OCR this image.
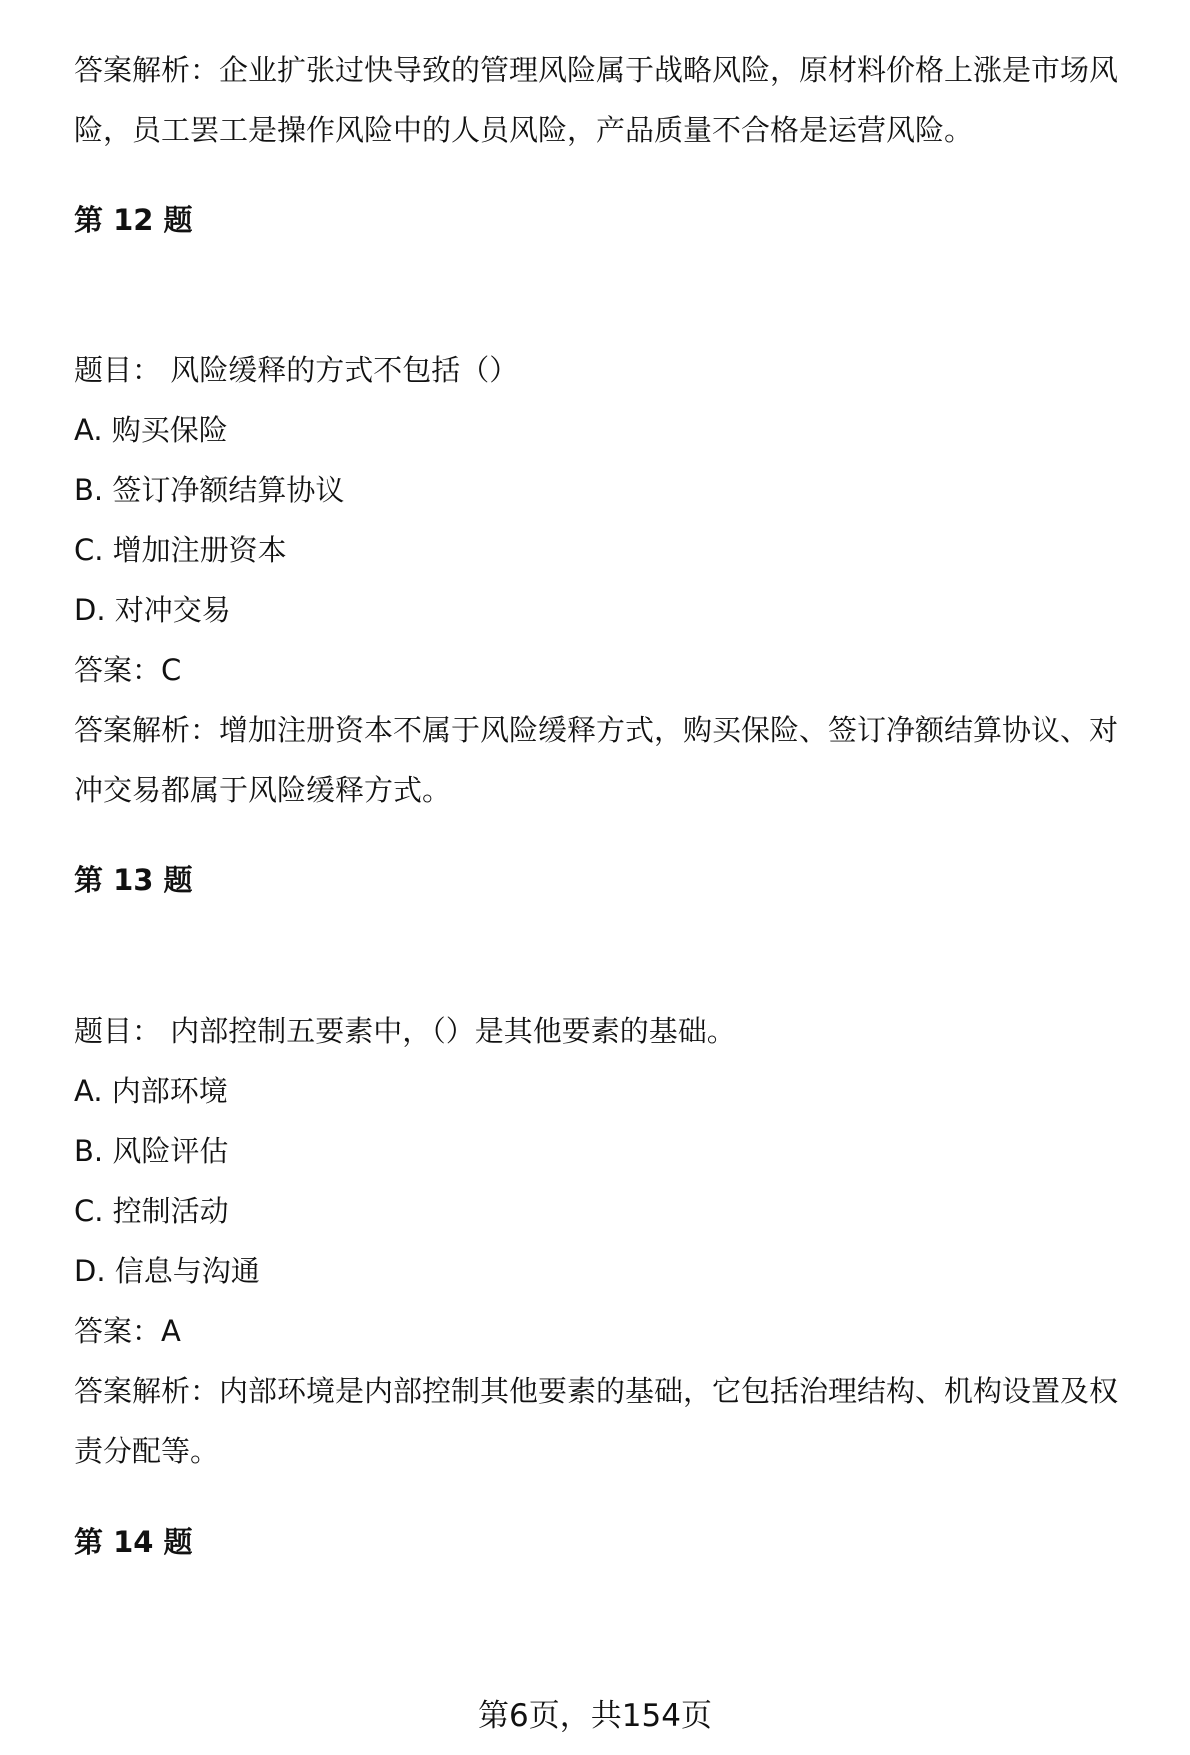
答案解析：企业扩张过快导致的管理风险属于战略风险，原材料价格上涨是市场风
险，员工罢工是操作风险中的人员风险，产品质量不合格是运营风险。
第 12 题
题目： 风险缓释的方式不包括（）
A. 购买保险
B. 签订净额结算协议
C. 增加注册资本
D. 对冲交易
答案：C
答案解析：增加注册资本不属于风险缓释方式，购买保险、签订净额结算协议、对
冲交易都属于风险缓释方式。
第 13 题
题目： 内部控制五要素中，（）是其他要素的基础。
A. 内部环境
B. 风险评估
C. 控制活动
D. 信息与沟通
答案：A
答案解析：内部环境是内部控制其他要素的基础，它包括治理结构、机构设置及权
责分配等。
第 14 题
第6页，共154页
